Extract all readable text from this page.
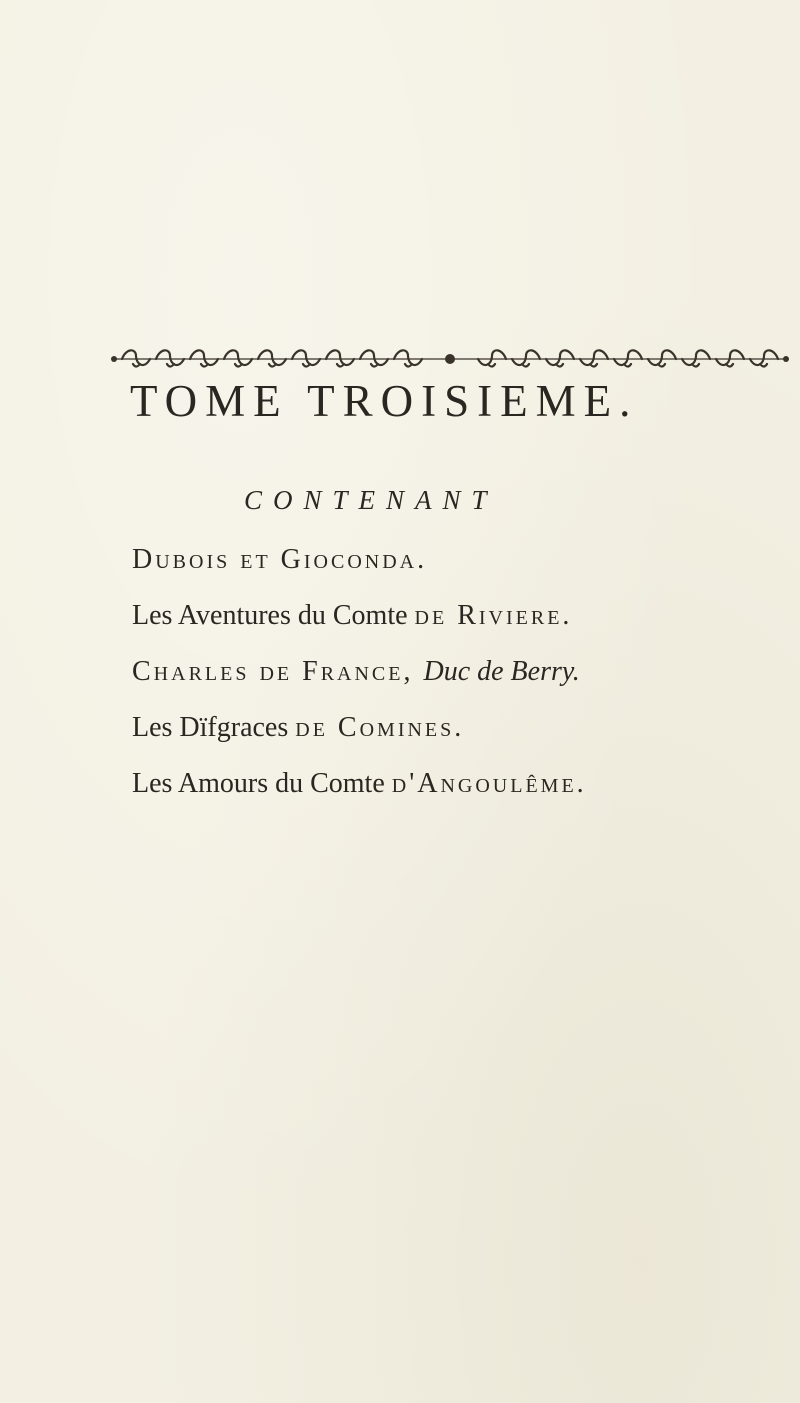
TOME TROISIEME.
CONTENANT
Dubois et Gioconda.
Les Aventures du Comte de Riviere.
Charles de France, Duc de Berry.
Les Dïfgraces de Comines.
Les Amours du Comte d'Angoulême.
